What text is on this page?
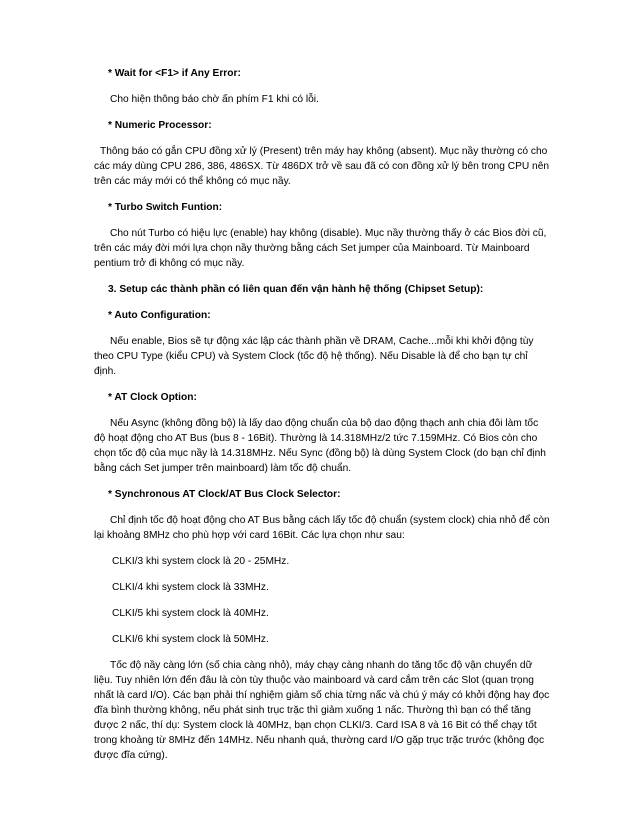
* Wait for <F1> if Any Error:
Cho hiện thông báo chờ ấn phím F1 khi có lỗi.
* Numeric Processor:
Thông báo có gắn CPU đồng xử lý (Present) trên máy hay không (absent). Mục nầy thường có cho các máy dùng CPU 286, 386, 486SX. Từ 486DX trở về sau đã có con đồng xử lý bên trong CPU nên trên các máy mới có thể không có mục nầy.
* Turbo Switch Funtion:
Cho nút Turbo có hiệu lực (enable) hay không (disable). Mục nầy thường thấy ở các Bios đời cũ, trên các máy đời mới lựa chọn nầy thường bằng cách Set jumper của Mainboard. Từ Mainboard pentium trở đi không có mục nầy.
3. Setup các thành phần có liên quan đến vận hành hệ thống (Chipset Setup):
* Auto Configuration:
Nếu enable, Bios sẽ tự động xác lập các thành phần về DRAM, Cache...mỗi khi khởi động tùy theo CPU Type (kiểu CPU) và System Clock (tốc độ hệ thống). Nếu Disable là để cho bạn tự chỉ định.
* AT Clock Option:
Nếu Async (không đồng bộ) là lấy dao động chuẩn của bộ dao động thạch anh chia đôi làm tốc độ hoạt động cho AT Bus (bus 8 - 16Bit). Thường là 14.318MHz/2 tức 7.159MHz. Có Bios còn cho chọn tốc độ của mục nầy là 14.318MHz. Nếu Sync (đồng bộ) là dùng System Clock (do bạn chỉ định bằng cách Set jumper trên mainboard) làm tốc độ chuẩn.
* Synchronous AT Clock/AT Bus Clock Selector:
Chỉ định tốc độ hoạt động cho AT Bus bằng cách lấy tốc độ chuẩn (system clock) chia nhỏ để còn lại khoảng 8MHz cho phù hợp với card 16Bit. Các lựa chọn như sau:
CLKI/3 khi system clock là 20 - 25MHz.
CLKI/4 khi system clock là 33MHz.
CLKI/5 khi system clock là 40MHz.
CLKI/6 khi system clock là 50MHz.
Tốc độ nầy càng lớn (số chia càng nhỏ), máy chạy càng nhanh do tăng tốc độ vận chuyển dữ liệu. Tuy nhiên lớn đến đâu là còn tùy thuộc vào mainboard và card cắm trên các Slot (quan trọng nhất là card I/O). Các bạn phải thí nghiệm giảm số chia từng nấc và chú ý máy có khởi động hay đọc đĩa bình thường không, nếu phát sinh trục trặc thì giảm xuống 1 nấc. Thường thì bạn có thể tăng được 2 nấc, thí dụ: System clock là 40MHz, bạn chọn CLKI/3. Card ISA 8 và 16 Bit có thể chạy tốt trong khoảng từ 8MHz đến 14MHz. Nếu nhanh quá, thường card I/O gặp trục trặc trước (không đọc được đĩa cứng).
